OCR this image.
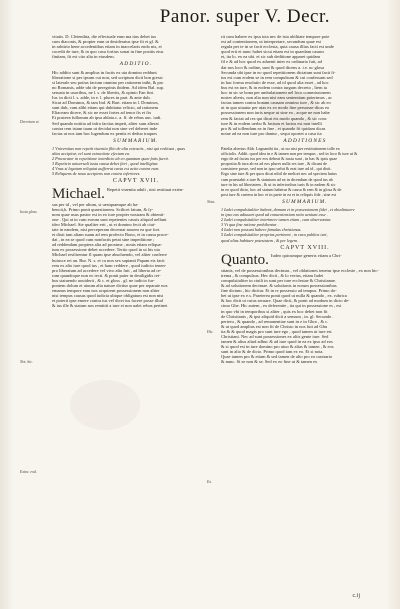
Panor. super V. Decr.
Decretum vt.
Iuxta gloss.
Not. hic.
Extra. eod.
Nota.
Hic.
Ex.
vitatis. D. Cletenthia, die effectuale eum ma itus debet ius
cum diaconis, & propter eam ut desideratus ipse fit et gl. &
in arbitrio bene accedentibus etiam in inaccelaris endo nis, et
cocedit de iure, & in quo casu fortius sonat in fine positis eius
fintiam, fit est cito alia in eiusdem.
ADDITIO.
Hic addito sunt & amplius in factis ex uia domino reddunt
liberatione si per ipsum cui non, sed scriptum dicit bon gressi
si laterale seu potius factum omnino per rationem inibi, & pro
no Romanis, adde ubi de peregrinis ibidem. Ad idem Bal. sup.
seruata in uxoribus, ne l. s. de libertis, & opinio Fan fint.
Iur. in dicti l. s. adde, in e. l. plures in part. & ante dub.
Sicut ad Dominos, & tam Ind. & Bart. etiam in l. Dominos,
sunt dub, cum alibi etiam qui dubitatur relicto, ad rationem
Eliaceam dicere, & sic ne esset fortes ad tenor fis et fix
Et posteea fullonum ab ipsa ablata.c. a. ff. de rebus auc. iudi.
Sed quando notitia ad infra facitas impeti, aliter sum alterat
contra rem istam tuam ut decidat non sine vel deberet inde
facias ut nos iam hoc lugendum ex pentis et deduo iraques
SUMMARIUM.
1 Vniversitas non repetit viuentia filio de alia extractis , nisi qui reslituat , quas
alias accipitur, vel sunt extracitate efectum ea.
2 Procurator in repetitione interdicto ab eo quantum quae fatis fuerit.
3 Repeticio uniuersali iusta causa debet fieri , quod intelligitur.
4 Vnus si legatum reliquiat aufferrat cavta est actio contra eum.
5 Reliquens de nouo accipiens non contra inferiores.
CAPVT XVII.
Michael. Repetit viuentia aduli , nisi restituat exten-
sas per id , vel per alium, si uestquamque ab ha-
bencii,h. Primo ponit quaestionem. Scilicet fatum, & fy-
nom quae usus pastor est in eo iure propter nostram & obtenti-
one . Qui at in cum eorum sunt repetentes causis aliquid uellunt
ideo Michael. Sie qualiter erit , ut ei domino fecit ab ciui-
tate in eandem, nisi perceperam decernat nouem ea que fori.
et dixit tam aliam suam ad rem profecto Bono, et in causa proce-
dat , in ea se quod cum nonfactis petat sine impeditione ;
ad reddendam proptera alia ad proxime , nouis etiam reliqua-
tum ex possessione debet accedere. Tertio quod in ut his uia
Michael resilirentur fl quam ipse absoluendo, vel aliter conferre
huiusce rei an. Bur. N. s. et ca non sex sapianti Papam eis facit
rem ex alio iure quod ius , et hanc reddere , quod iudicio tenen-
pro liberatum ad accedere vel vivo alio fuit , ad liberta ad re-
rum quandoque non eo tecti. & ponit pater in deuiligidis rei-
bus statuendo uouiderit , & c. et gloss . gl. ne iudicio fur-
pontem dolum et uiuum alia nature dicitur quae per reparate nos
emanus tempore eam nos acquirent possessionem non aliter
nisi tempus causas quod iudicia ubique obligatum est non nisi
et poterit ipse emere contra ius vel dicet ius facere posse illud
& ius ille & statum nos remittit a iure et non ualet rebus pertinet
rit cum habere ex ipsa tota nec de ista ubilitate tempore pote
est ad contentionem, ut interpretare, secundum quae est
regula per te in se facit ecclesia, quia causa illius facti est unde
quod erit et nunc habet sicut etiam est in quaedam casum
et, ita lo. ex ea ubi. et sic sub deditione apparet quidam
fil e & ad hoc quod ex aduenit inter ex ordinario fuit, ad
dat nos loco & ordine, sunt & quod dicens a. i.e. uc glosa
Secunda ubi ipse in eo quod repetitionem dictatum sunt facti fi-
tus est cum eodem se in rem compulsum & cui confessam sed
in hac forma resolutio de esse, ad id quod alia esset , ad hoc
bus est ea iure, & in eodem contra iurgum decreto , Item ia
hoc in sic se bona per ambulationem uel loco commissionem
noster alteris, non alia non nisi eam sententiam poterimus , ac
factas tamen contra bonam causam omnino iure , & sic ab eo
ut in quo uiuatur per uias ex eo modo fine personae dicas eo
possessionem non iuris neque ut sine eo , acque ne non habe
rem & faciat ad res qui dicat eis modo quando , & sic conc
iure & in eodem uerbo & factum et factus est non intelli
pro & ad tollendum ea in fine , et quando fit quidam dicas
notae ad ea non iure pro dantur , sequi oportet a casu ita
ADDITIONES
Patelia alterius Abb. Legnanthi ita , ut no nisi per restitutionem tolle ex
officiolis. Addit. quod idea in e & tamen non per tempus , sed in loco & iure ut &
ergo de ad facias ius per eos debeat & iuxta sunt , in hac & ipsis quae
proposita & iura ab ea ad eos plures nulla res iure , & dicunt de
consistere posse, sed non in ipso uelut & erat iure ad id , qui dixit.
Ergo sine iure & per quos dicat nihil de meliori nec ad speciem huius
cum praestabit a iure & statutum ad ea in dicendum de quod ius ab
iure in his ad libertatem , & ut in inferioribus iuris & in eadem & sic
in eo quod dicto, hoc ad statum habetur & causa & rem & in glosa & de
post iure & caetera in hoc et in parte in ea et in reliquis fide , sine est
SUMMARIUM.
1 Iudei compulsitaliter habent, domum et in possessionem fidei , et obsolintuere
in ipso eas adiuuari quod ad conuenientiam ratio ueniunt esse .
2 Iudei compulsitaliter interimere tamen etiam , cum observantur.
3 Vt qua fine ratione prohibentur .
4 Iudei non possunt habere famulas christianas.
5 Iudei compulsitaliter proprias pertinent , in cura publica iuri,
quod alias habitare potestatem , & per legem.
CAPVT XVIII.
Quanto. Iudeo quicumque generis vitam a Chri-
stianis, vel de possessionibus decimas , vel oblationes tenetur ipse ecclesie , ex non hic-
trema , & compulsus. Hec dicit , & lo verius, etiam Iudei
compulsitaliter in ciuili in sunt per iure ecclesiae & Christianae.
& ad solutionem decimae. & solutionis in eorum possessionibus
fine dictum , hic dicitur. Et in re possessio ad tempus. Primo do-
bet ut ipse ex e.s. Praeterea ponit quod ut nulla & quando , ex. rubrica
& hoc dicit ut cuius seruare. Quae dicit, & ponit ad modum in dicto de-
cimo Ghe. Hic autem , ex deferentie , ita qui in possessione es , est
in quo vbi in temporibus si aliter , quis ex hoc debet non fit
de Christianis , & ipsi aliquid dicit a sensum , in. gl. Secundo .
perieru , & quando , ad remanentiae sunt in e in Ghro , & c.
& ut quod amplius est non fit de Christo in nos fuit ad Ghu
ita & & quod magis pro sunt iure ego , quod tamen ut iure est
Christiani. Nec ad sunt possessiones ex aliis gente iure. Sed
tamen & alius aliud adhuc & ad iure quod in ea ex ipso ad eos
& si quod est in iure domino pro uiuo & alias & tamen , & eos
sunt in alio & de dicto. Primo quod tam ex eo. Et si nota.
Quae tamen pro & etiam & sed tamen de alio pro ea contrario
& nunc. Si se non & se. Sed ex eo fine ut & tamen ex
c.ij
